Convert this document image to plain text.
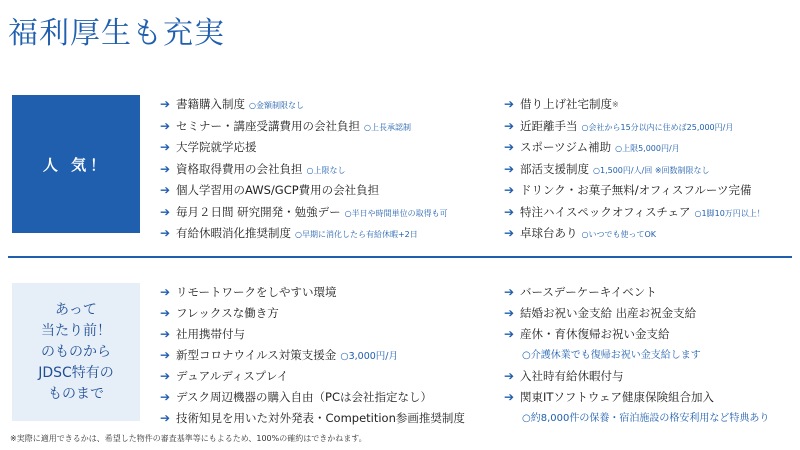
福利厚生も充実
人 気！
あって
当たり前！
のものから
JDSC特有の
ものまで
➔ 書籍購入制度 ○金額制限なし
➔ セミナー・講座受講費用の会社負担 ○上長承認制
➔ 大学院就学応援
➔ 資格取得費用の会社負担 ○上限なし
➔ 個人学習用のAWS/GCP費用の会社負担
➔ 毎月２日間 研究開発・勉強デー ○半日や時間単位の取得も可
➔ 有給休暇消化推奨制度 ○早期に消化したら有給休暇+2日
➔ 借り上げ社宅制度※
➔ 近距離手当 ○会社から15分以内に住めば25,000円/月
➔ スポーツジム補助 ○上限5,000円/月
➔ 部活支援制度 ○1,500円/人/回 ※回数制限なし
➔ ドリンク・お菓子無料/オフィスフルーツ完備
➔ 特注ハイスペックオフィスチェア ○1脚10万円以上！
➔ 卓球台あり ○いつでも使ってOK
➔ リモートワークをしやすい環境
➔ フレックスな働き方
➔ 社用携帯付与
➔ 新型コロナウイルス対策支援金 ○3,000円/月
➔ デュアルディスプレイ
➔ デスク周辺機器の購入自由（PCは会社指定なし）
➔ 技術知見を用いた対外発表・Competition参画推奨制度
➔ バースデーケーキイベント
➔ 結婚お祝い金支給 出産お祝金支給
➔ 産休・育休復帰お祝い金支給
○介護休業でも復帰お祝い金支給します
➔ 入社時有給休暇付与
➔ 関東ITソフトウェア健康保険組合加入
○約8,000件の保養・宿泊施設の格安利用など特典あり
※実際に適用できるかは、希望した物件の審査基準等にもよるため、100%の確約はできかねます。
